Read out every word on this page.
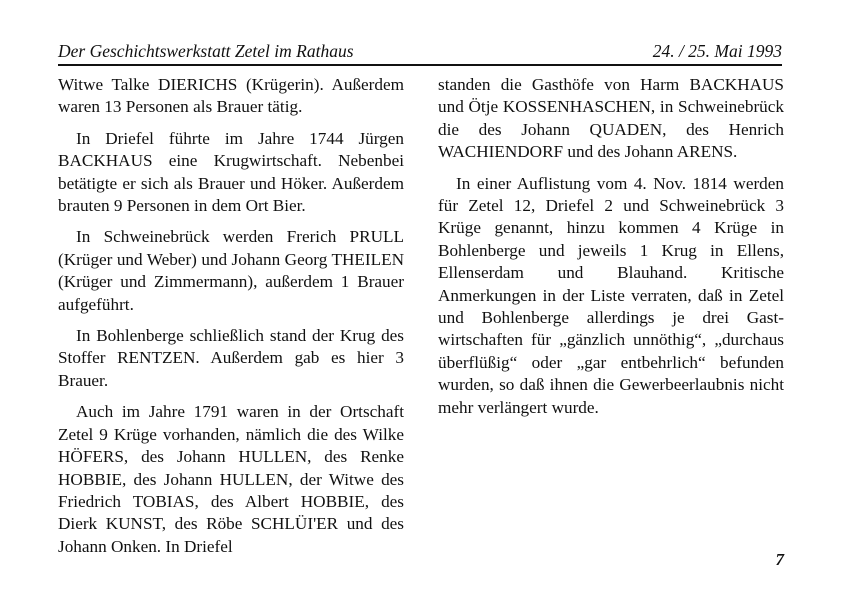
Der Geschichtswerkstatt Zetel im Rathaus	24. / 25. Mai 1993

Witwe Talke DIERICHS (Krügerin). Außerdem waren 13 Personen als Brauer tätig.

In Driefel führte im Jahre 1744 Jürgen BACKHAUS eine Krugwirtschaft. Nebenbei betätigte er sich als Brauer und Höker. Außerdem brauten 9 Personen in dem Ort Bier.

In Schweinebrück werden Frerich PRULL (Krüger und Weber) und Johann Georg THEILEN (Krüger und Zimmermann), außerdem 1 Brauer aufgeführt.

In Bohlenberge schließlich stand der Krug des Stoffer RENTZEN. Außerdem gab es hier 3 Brauer.

Auch im Jahre 1791 waren in der Ortschaft Zetel 9 Krüge vorhanden, nämlich die des Wilke HÖFERS, des Johann HULLEN, des Renke HOBBIE, des Johann HULLEN, der Witwe des Friedrich TOBIAS, des Albert HOBBIE, des Dierk KUNST, des Röbe SCHLÜI'ER und des Johann Onken. In Driefel

standen die Gasthöfe von Harm BACKHAUS und Ötje KOSSENHASCHEN, in Schweinebrück die des Johann QUADEN, des Henrich WACHIENDORF und des Johann ARENS.

In einer Auflistung vom 4. Nov. 1814 werden für Zetel 12, Driefel 2 und Schweinebrück 3 Krüge genannt, hinzu kommen 4 Krüge in Bohlenberge und jeweils 1 Krug in Ellens, Ellenserdam und Blauhand. Kritische Anmerkungen in der Liste verraten, daß in Zetel und Bohlenberge allerdings je drei Gastwirtschaften für „gänzlich unnöthig“, „durchaus überflüßig“ oder „gar entbehrlich“ befunden wurden, so daß ihnen die Gewerbeerlaubnis nicht mehr verlängert wurde.

7
